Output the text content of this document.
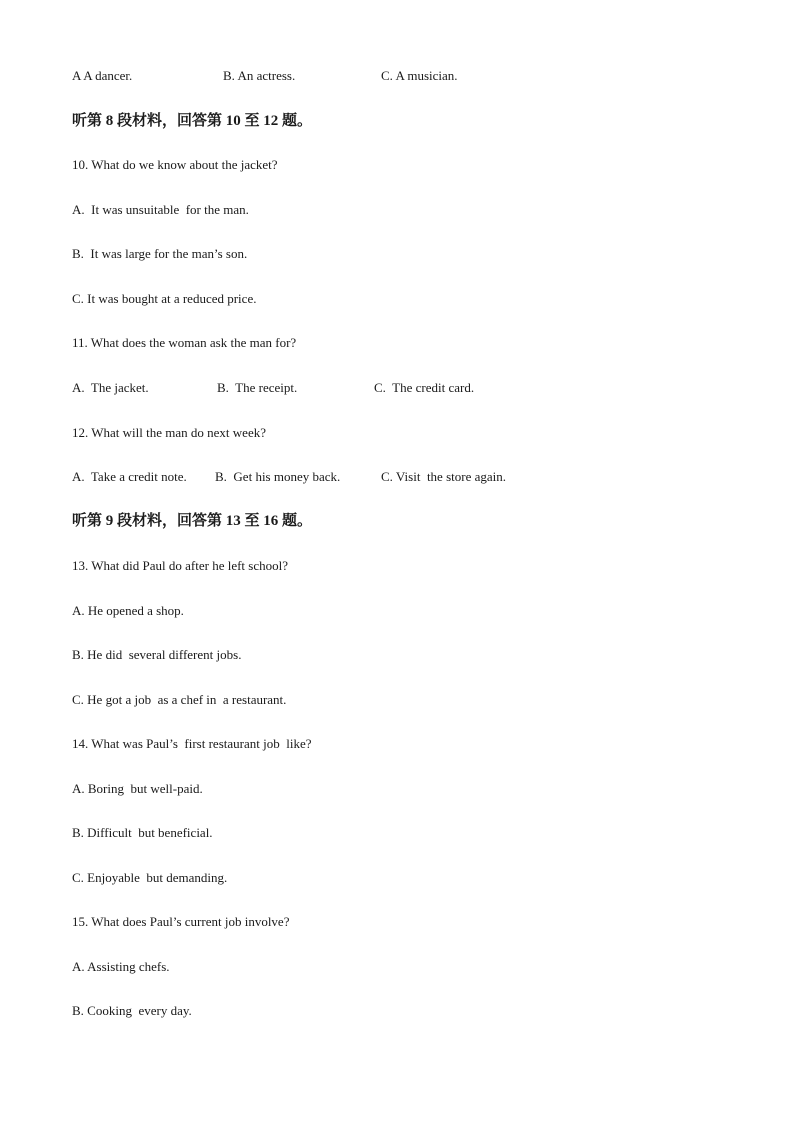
A A dancer.

	B. An actress.

	C. A musician.

听第 8 段材料，回答第 10 至 12 题。
10. What do we know about the jacket?
A.  It was unsuitable  for the man.
B.  It was large for the man’s son.
C. It was bought at a reduced price.
11. What does the woman ask the man for?

A.  The jacket.

	B.  The receipt.

	C.  The credit card.

12. What will the man do next week?

A.  Take a credit note.

B.  Get his money back.

	C. Visit  the store again.

听第 9 段材料，回答第 13 至 16 题。
13. What did Paul do after he left school?
A. He opened a shop.
B. He did  several different jobs.
C. He got a job  as a chef in  a restaurant.
14. What was Paul’s  first restaurant job  like?
A. Boring  but well-paid.
B. Difficult  but beneficial.
C. Enjoyable  but demanding.
15. What does Paul’s current job involve?
A. Assisting chefs.
B. Cooking  every day.
